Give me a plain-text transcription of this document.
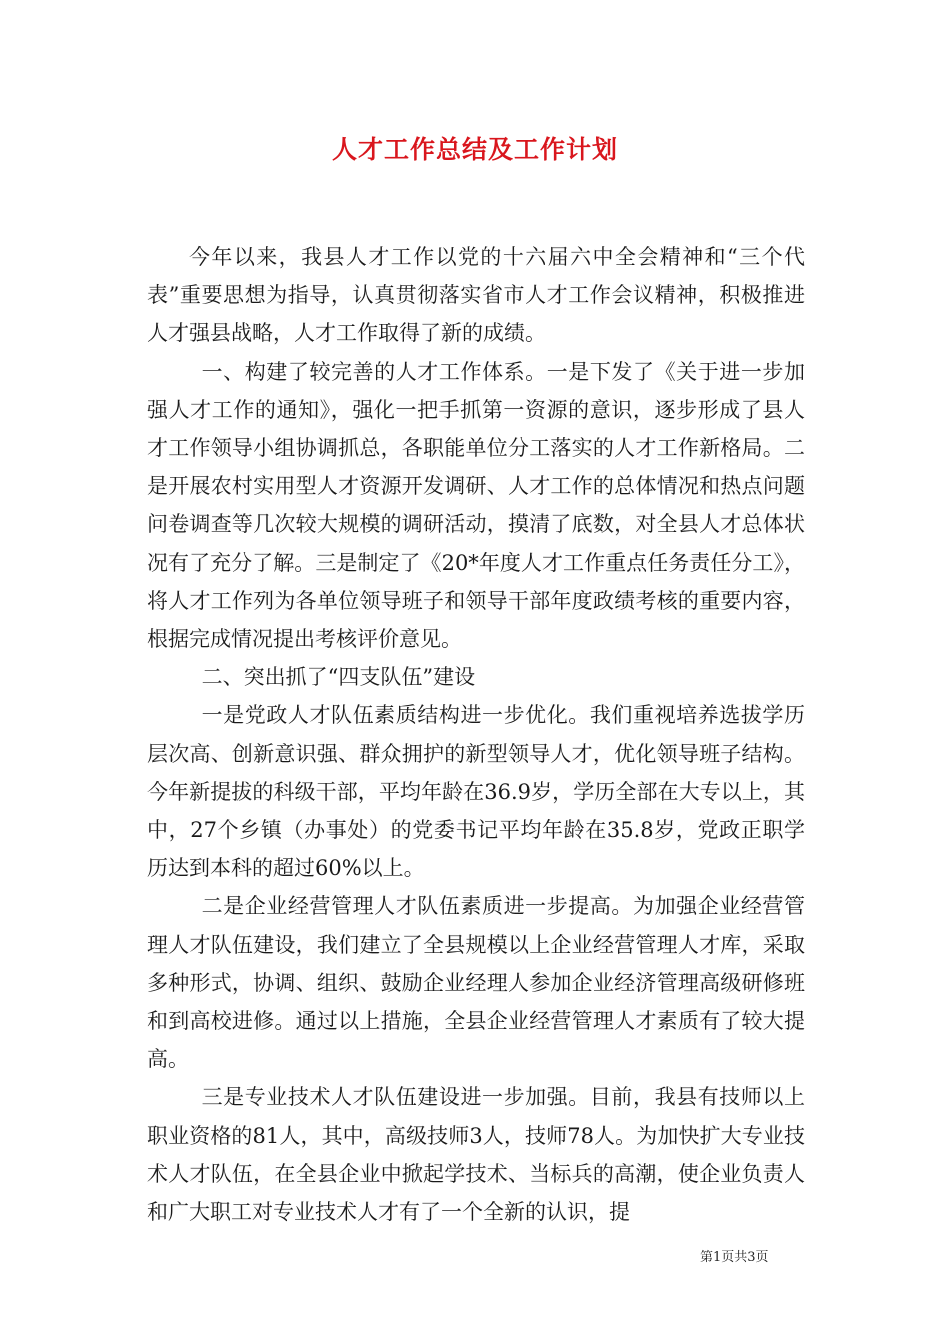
人才工作总结及工作计划

今年以来，我县人才工作以党的十六届六中全会精神和“三个代表”重要思想为指导，认真贯彻落实省市人才工作会议精神，积极推进人才强县战略，人才工作取得了新的成绩。

一、构建了较完善的人才工作体系。一是下发了《关于进一步加强人才工作的通知》，强化一把手抓第一资源的意识，逐步形成了县人才工作领导小组协调抓总，各职能单位分工落实的人才工作新格局。二是开展农村实用型人才资源开发调研、人才工作的总体情况和热点问题问卷调查等几次较大规模的调研活动，摸清了底数，对全县人才总体状况有了充分了解。三是制定了《20*年度人才工作重点任务责任分工》，将人才工作列为各单位领导班子和领导干部年度政绩考核的重要内容，根据完成情况提出考核评价意见。

二、突出抓了“四支队伍”建设

一是党政人才队伍素质结构进一步优化。我们重视培养选拔学历层次高、创新意识强、群众拥护的新型领导人才，优化领导班子结构。今年新提拔的科级干部，平均年龄在36.9岁，学历全部在大专以上，其中，27个乡镇（办事处）的党委书记平均年龄在35.8岁，党政正职学历达到本科的超过60%以上。

二是企业经营管理人才队伍素质进一步提高。为加强企业经营管理人才队伍建设，我们建立了全县规模以上企业经营管理人才库，采取多种形式，协调、组织、鼓励企业经理人参加企业经济管理高级研修班和到高校进修。通过以上措施，全县企业经营管理人才素质有了较大提高。

三是专业技术人才队伍建设进一步加强。目前，我县有技师以上职业资格的81人，其中，高级技师3人，技师78人。为加快扩大专业技术人才队伍，在全县企业中掀起学技术、当标兵的高潮，使企业负责人和广大职工对专业技术人才有了一个全新的认识，提

第1页共3页
